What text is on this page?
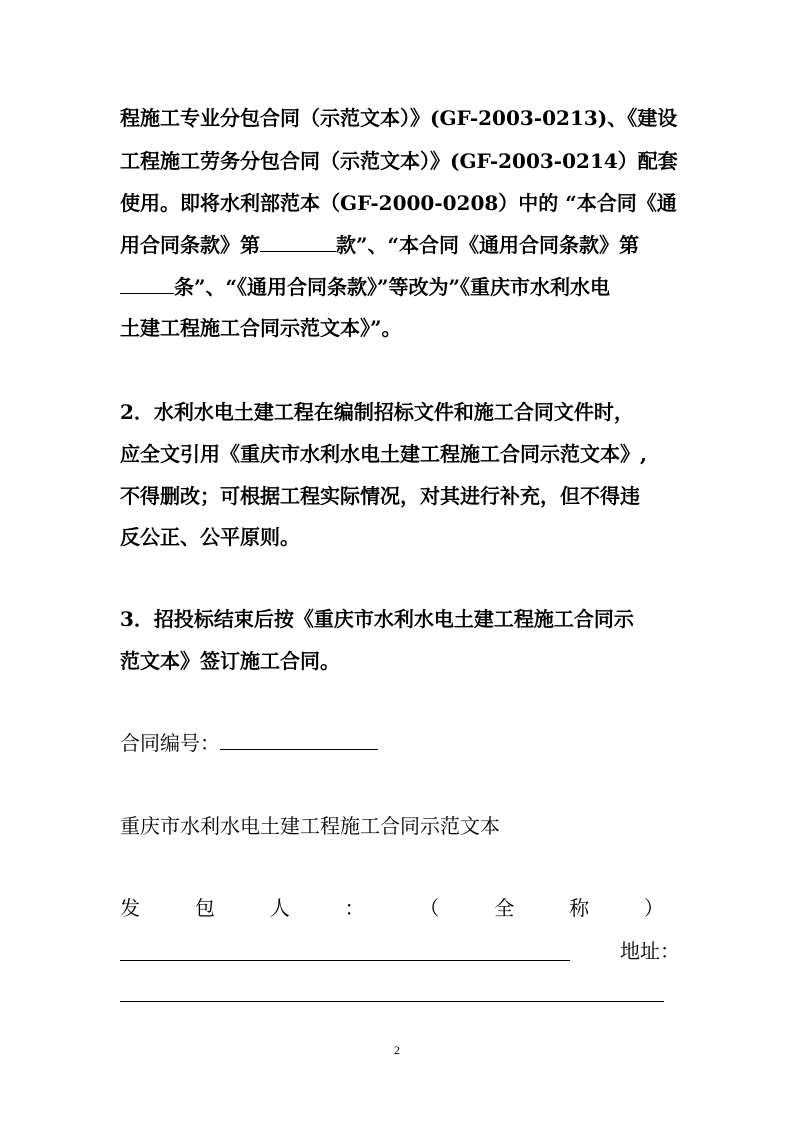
程施工专业分包合同（示范文本）》(GF-2003-0213)、《建设
工程施工劳务分包合同（示范文本）》(GF-2003-0214）配套
使用。即将水利部范本（GF-2000-0208）中的 “本合同《通
用合同条款》第	款”、“本合同《通用合同条款》第
条”、“《通用合同条款》”等改为”《重庆市水利水电
土建工程施工合同示范文本》”。
2．水利水电土建工程在编制招标文件和施工合同文件时，
应全文引用《重庆市水利水电土建工程施工合同示范文本》,
不得删改；可根据工程实际情况，对其进行补充，但不得违
反公正、公平原则。
3．招投标结束后按《重庆市水利水电土建工程施工合同示
范文本》签订施工合同。
合同编号：
重庆市水利水电土建工程施工合同示范文本
发	包	人	：	（	全	称	）
地址：
2
